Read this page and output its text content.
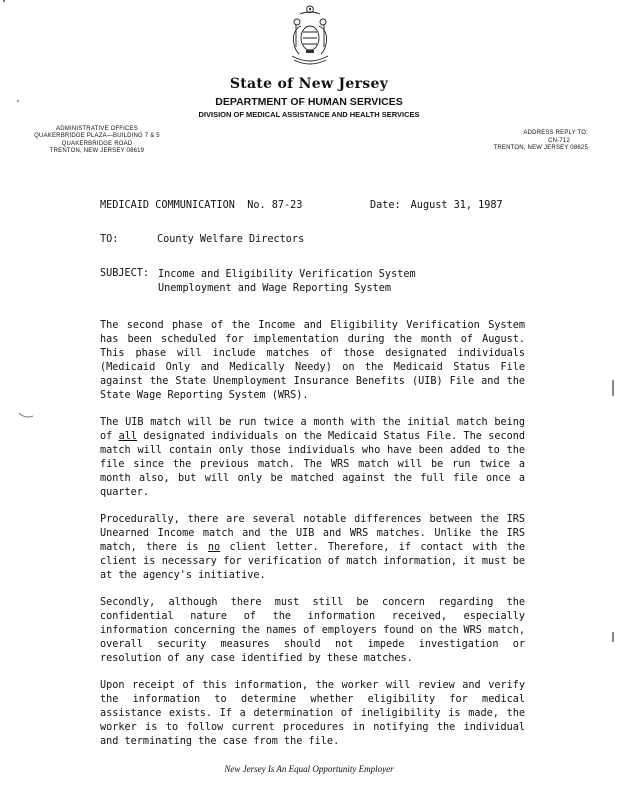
State of New Jersey
DEPARTMENT OF HUMAN SERVICES
DIVISION OF MEDICAL ASSISTANCE AND HEALTH SERVICES
ADMINISTRATIVE OFFICES
QUAKERBRIDGE PLAZA—BUILDING 7 & 5
QUAKERBRIDGE ROAD
TRENTON, NEW JERSEY 08619
ADDRESS REPLY TO:
CN-712
TRENTON, NEW JERSEY 08625
MEDICAID COMMUNICATION  No. 87-23	Date: August 31, 1987
TO:	County Welfare Directors
SUBJECT: Income and Eligibility Verification System
Unemployment and Wage Reporting System

The second phase of the Income and Eligibility Verification System has been scheduled for implementation during the month of August. This phase will include matches of those designated individuals (Medicaid Only and Medically Needy) on the Medicaid Status File against the State Unemployment Insurance Benefits (UIB) File and the State Wage Reporting System (WRS).

The UIB match will be run twice a month with the initial match being of all designated individuals on the Medicaid Status File. The second match will contain only those individuals who have been added to the file since the previous match. The WRS match will be run twice a month also, but will only be matched against the full file once a quarter.

Procedurally, there are several notable differences between the IRS Unearned Income match and the UIB and WRS matches. Unlike the IRS match, there is no client letter. Therefore, if contact with the client is necessary for verification of match information, it must be at the agency's initiative.

Secondly, although there must still be concern regarding the confidential nature of the information received, especially information concerning the names of employers found on the WRS match, overall security measures should not impede investigation or resolution of any case identified by these matches.

Upon receipt of this information, the worker will review and verify the information to determine whether eligibility for medical assistance exists. If a determination of ineligibility is made, the worker is to follow current procedures in notifying the individual and terminating the case from the file.

New Jersey Is An Equal Opportunity Employer
